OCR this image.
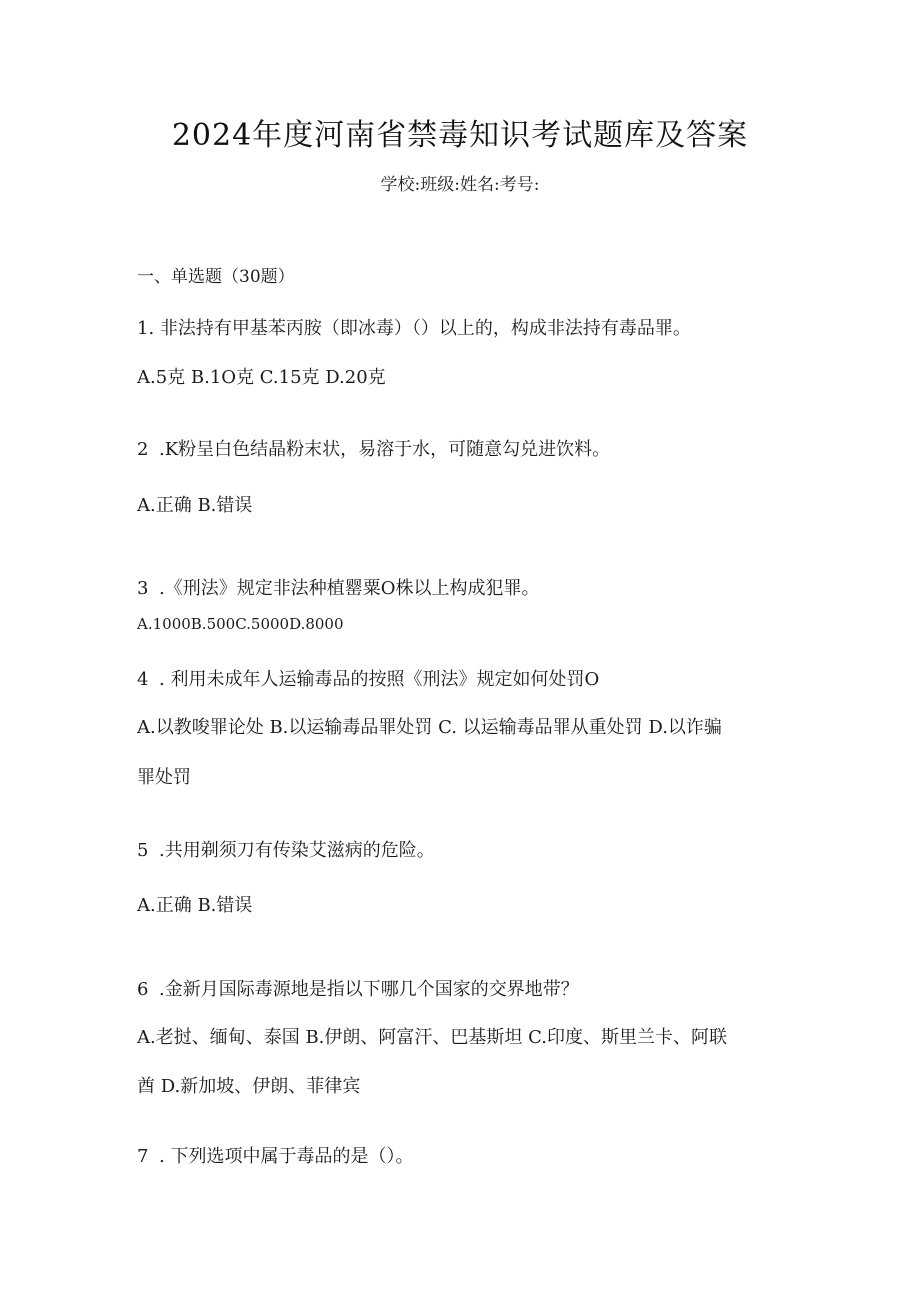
2024年度河南省禁毒知识考试题库及答案
学校:班级:姓名:考号:
一、单选题（30题）
1. 非法持有甲基苯丙胺（即冰毒）（）以上的，构成非法持有毒品罪。
A.5克 B.1O克 C.15克 D.20克
2 .K粉呈白色结晶粉末状，易溶于水，可随意勾兑进饮料。
A.正确 B.错误
3 .《刑法》规定非法种植罂粟O株以上构成犯罪。
A.1000B.500C.5000D.8000
4 . 利用未成年人运输毒品的按照《刑法》规定如何处罚O
A.以教唆罪论处 B.以运输毒品罪处罚 C. 以运输毒品罪从重处罚 D.以诈骗
罪处罚
5 .共用剃须刀有传染艾滋病的危险。
A.正确 B.错误
6 .金新月国际毒源地是指以下哪几个国家的交界地带？
A.老挝、缅甸、泰国 B.伊朗、阿富汗、巴基斯坦 C.印度、斯里兰卡、阿联
酋 D.新加坡、伊朗、菲律宾
7 . 下列选项中属于毒品的是（）。
